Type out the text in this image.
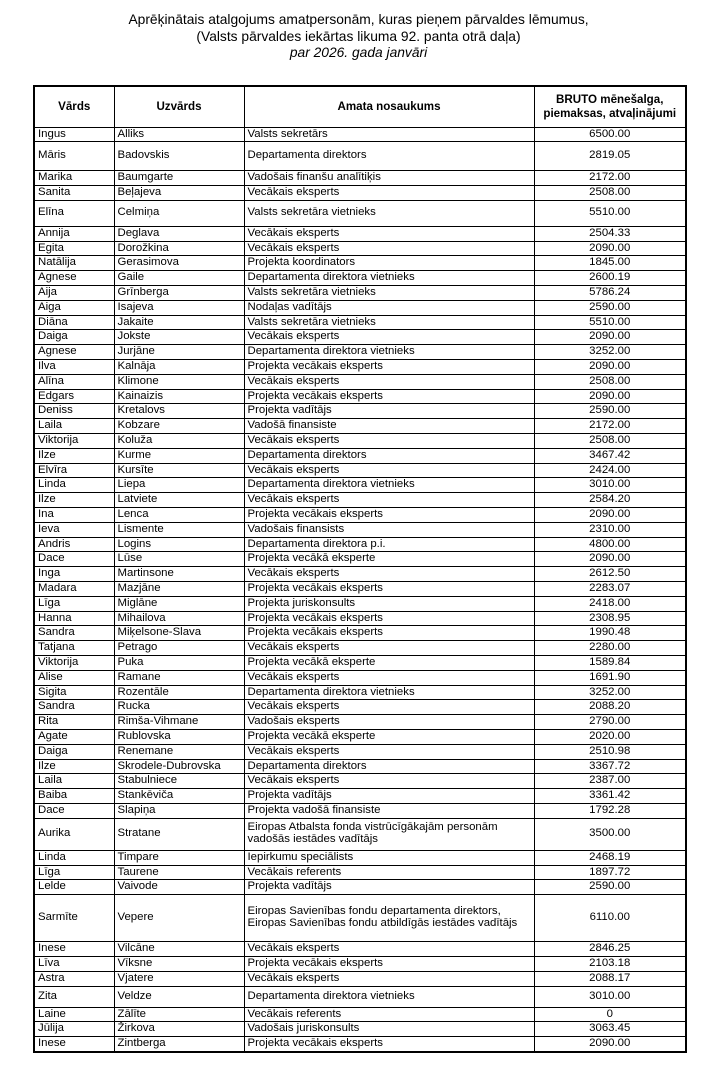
Aprēķinātais atalgojums amatpersonām, kuras pieņem pārvaldes lēmumus,
(Valsts pārvaldes iekārtas likuma 92. panta otrā daļa)
par 2026. gada janvāri
Vārds	Uzvārds	Amata nosaukums	BRUTO mēnešalga, piemaksas, atvaļinājumi
Ingus	Alliks	Valsts sekretārs	6500.00
Māris	Badovskis	Departamenta direktors	2819.05
Marika	Baumgarte	Vadošais finanšu analītiķis	2172.00
Sanita	Beļajeva	Vecākais eksperts	2508.00
Elīna	Celmiņa	Valsts sekretāra vietnieks	5510.00
Annija	Deglava	Vecākais eksperts	2504.33
Egita	Dorožkina	Vecākais eksperts	2090.00
Natālija	Gerasimova	Projekta koordinators	1845.00
Agnese	Gaile	Departamenta direktora vietnieks	2600.19
Aija	Grīnberga	Valsts sekretāra vietnieks	5786.24
Aiga	Isajeva	Nodaļas vadītājs	2590.00
Diāna	Jakaite	Valsts sekretāra vietnieks	5510.00
Daiga	Jokste	Vecākais eksperts	2090.00
Agnese	Jurjāne	Departamenta direktora vietnieks	3252.00
Ilva	Kalnāja	Projekta vecākais eksperts	2090.00
Alīna	Klimone	Vecākais eksperts	2508.00
Edgars	Kainaizis	Projekta vecākais eksperts	2090.00
Deniss	Kretalovs	Projekta vadītājs	2590.00
Laila	Kobzare	Vadošā finansiste	2172.00
Viktorija	Koluža	Vecākais eksperts	2508.00
Ilze	Kurme	Departamenta direktors	3467.42
Elvīra	Kursīte	Vecākais eksperts	2424.00
Linda	Liepa	Departamenta direktora vietnieks	3010.00
Ilze	Latviete	Vecākais eksperts	2584.20
Ina	Lenca	Projekta vecākais eksperts	2090.00
Ieva	Lismente	Vadošais finansists	2310.00
Andris	Logins	Departamenta direktora p.i.	4800.00
Dace	Lūse	Projekta vecākā eksperte	2090.00
Inga	Martinsone	Vecākais eksperts	2612.50
Madara	Mazjāne	Projekta vecākais eksperts	2283.07
Līga	Miglāne	Projekta juriskonsults	2418.00
Hanna	Mihailova	Projekta vecākais eksperts	2308.95
Sandra	Miķelsone-Slava	Projekta vecākais eksperts	1990.48
Tatjana	Petrago	Vecākais eksperts	2280.00
Viktorija	Puka	Projekta vecākā eksperte	1589.84
Alise	Ramane	Vecākais eksperts	1691.90
Sigita	Rozentāle	Departamenta direktora vietnieks	3252.00
Sandra	Rucka	Vecākais eksperts	2088.20
Rita	Rimša-Vihmane	Vadošais eksperts	2790.00
Agate	Rublovska	Projekta vecākā eksperte	2020.00
Daiga	Renemane	Vecākais eksperts	2510.98
Ilze	Skrodele-Dubrovska	Departamenta direktors	3367.72
Laila	Stabulniece	Vecākais eksperts	2387.00
Baiba	Stankēviča	Projekta vadītājs	3361.42
Dace	Slapiņa	Projekta vadošā finansiste	1792.28
Aurika	Stratane	Eiropas Atbalsta fonda vistrūcīgākajām personām vadošās iestādes vadītājs	3500.00
Linda	Timpare	Iepirkumu speciālists	2468.19
Līga	Taurene	Vecākais referents	1897.72
Lelde	Vaivode	Projekta vadītājs	2590.00
Sarmīte	Vepere	Eiropas Savienības fondu departamenta direktors, Eiropas Savienības fondu atbildīgās iestādes vadītājs	6110.00
Inese	Vilcāne	Vecākais eksperts	2846.25
Līva	Vīksne	Projekta vecākais eksperts	2103.18
Astra	Vjatere	Vecākais eksperts	2088.17
Zita	Veldze	Departamenta direktora vietnieks	3010.00
Laine	Zālīte	Vecākais referents	0
Jūlija	Žirkova	Vadošais juriskonsults	3063.45
Inese	Zintberga	Projekta vecākais eksperts	2090.00
